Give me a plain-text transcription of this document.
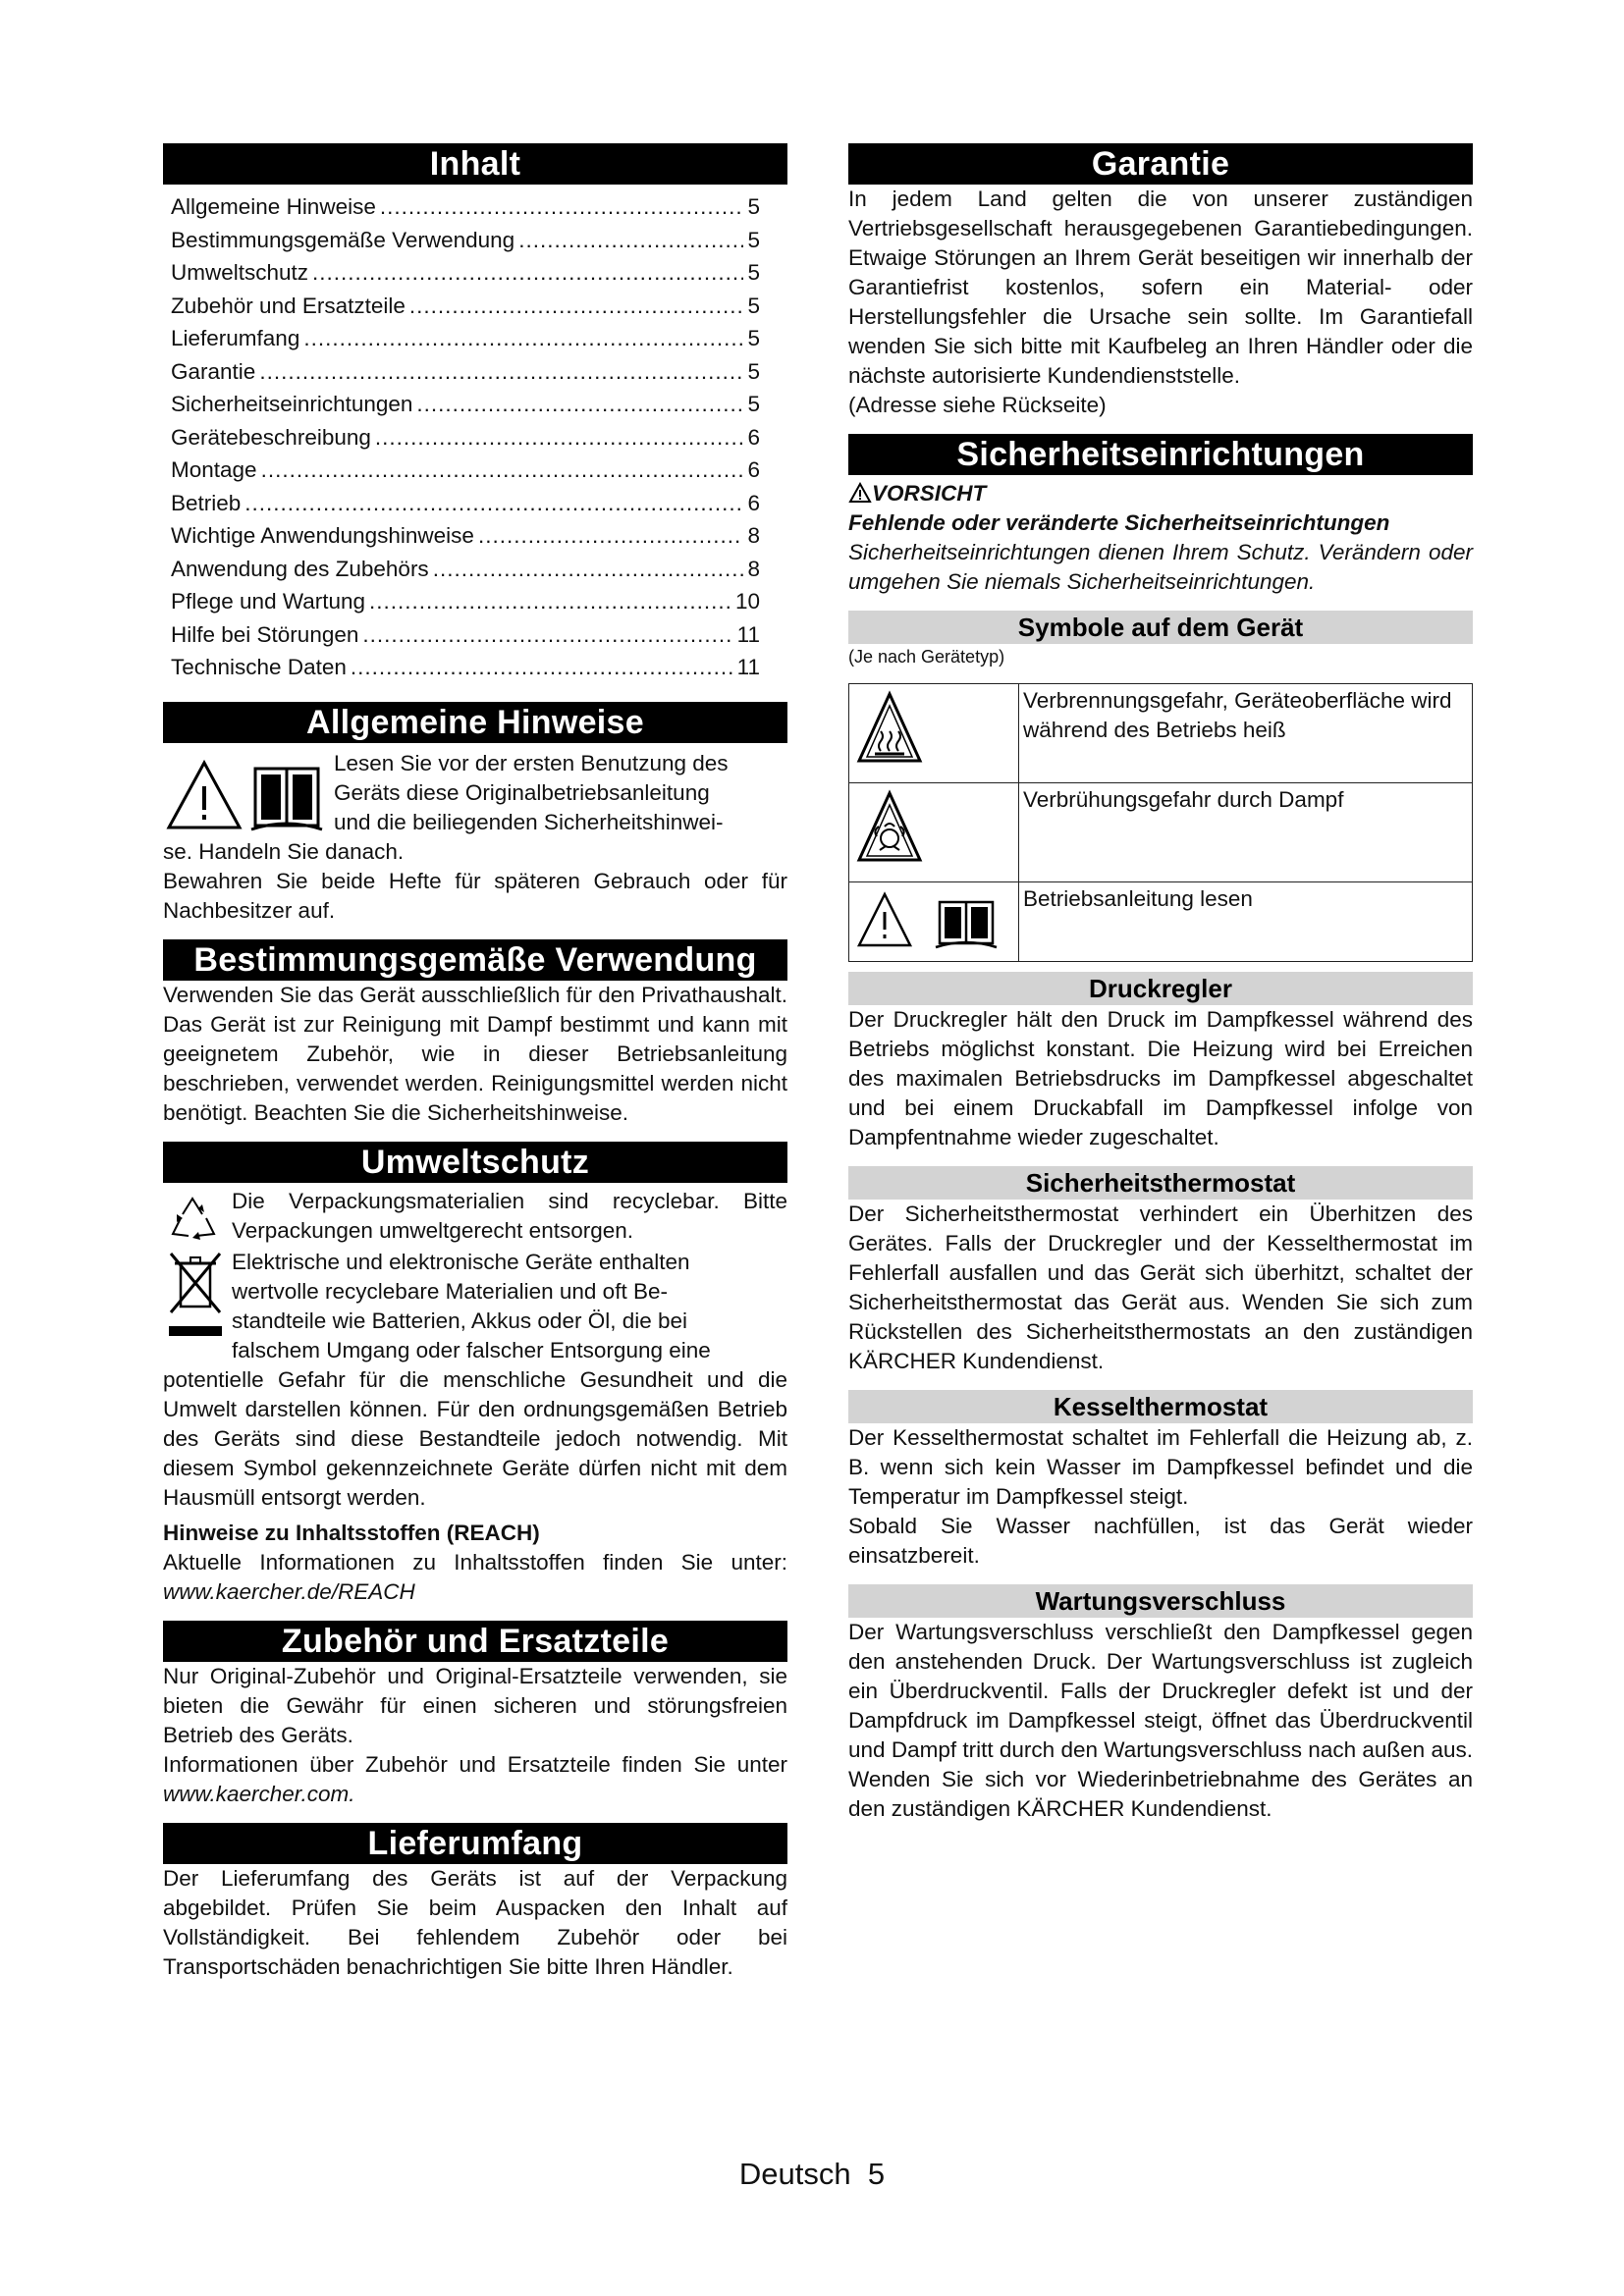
Inhalt
Allgemeine Hinweise .....	5
Bestimmungsgemäße Verwendung .....	5
Umweltschutz .....	5
Zubehör und Ersatzteile .....	5
Lieferumfang .....	5
Garantie .....	5
Sicherheitseinrichtungen .....	5
Gerätebeschreibung .....	6
Montage .....	6
Betrieb .....	6
Wichtige Anwendungshinweise .....	8
Anwendung des Zubehörs .....	8
Pflege und Wartung .....	10
Hilfe bei Störungen .....	11
Technische Daten .....	11
Allgemeine Hinweise

Lesen Sie vor der ersten Benutzung des

Geräts diese Originalbetriebsanleitung

und die beiliegenden Sicherheitshinwei-

se. Handeln Sie danach.

Bewahren Sie beide Hefte für späteren Gebrauch oder für Nachbesitzer auf.

Bestimmungsgemäße Verwendung

Verwenden Sie das Gerät ausschließlich für den Privathaushalt. Das Gerät ist zur Reinigung mit Dampf bestimmt und kann mit geeignetem Zubehör, wie in dieser Betriebsanleitung beschrieben, verwendet werden. Reinigungsmittel werden nicht benötigt. Beachten Sie die Sicherheitshinweise.

Umweltschutz

Die Verpackungsmaterialien sind recyclebar. Bitte Verpackungen umweltgerecht entsorgen.

Elektrische und elektronische Geräte enthalten

wertvolle recyclebare Materialien und oft Be-

standteile wie Batterien, Akkus oder Öl, die bei

falschem Umgang oder falscher Entsorgung eine

potentielle Gefahr für die menschliche Gesundheit und die Umwelt darstellen können. Für den ordnungsgemäßen Betrieb des Geräts sind diese Bestandteile jedoch notwendig. Mit diesem Symbol gekennzeichnete Geräte dürfen nicht mit dem Hausmüll entsorgt werden.

Hinweise zu Inhaltsstoffen (REACH)

Aktuelle Informationen zu Inhaltsstoffen finden Sie unter: www.kaercher.de/REACH

Zubehör und Ersatzteile

Nur Original-Zubehör und Original-Ersatzteile verwenden, sie bieten die Gewähr für einen sicheren und störungsfreien Betrieb des Geräts.

Informationen über Zubehör und Ersatzteile finden Sie unter www.kaercher.com.

Lieferumfang

Der Lieferumfang des Geräts ist auf der Verpackung abgebildet. Prüfen Sie beim Auspacken den Inhalt auf Vollständigkeit. Bei fehlendem Zubehör oder bei Transportschäden benachrichtigen Sie bitte Ihren Händler.

Garantie

In jedem Land gelten die von unserer zuständigen Vertriebsgesellschaft herausgegebenen Garantiebedingungen. Etwaige Störungen an Ihrem Gerät beseitigen wir innerhalb der Garantiefrist kostenlos, sofern ein Material- oder Herstellungsfehler die Ursache sein sollte. Im Garantiefall wenden Sie sich bitte mit Kaufbeleg an Ihren Händler oder die nächste autorisierte Kundendienststelle.

(Adresse siehe Rückseite)

Sicherheitseinrichtungen

VORSICHT

Fehlende oder veränderte Sicherheitseinrichtungen

Sicherheitseinrichtungen dienen Ihrem Schutz. Verändern oder umgehen Sie niemals Sicherheitseinrichtungen.

Symbole auf dem Gerät

(Je nach Gerätetyp)

	Verbrennungsgefahr, Geräteoberfläche wird während des Betriebs heiß
	Verbrühungsgefahr durch Dampf
	Betriebsanleitung lesen
Druckregler

Der Druckregler hält den Druck im Dampfkessel während des Betriebs möglichst konstant. Die Heizung wird bei Erreichen des maximalen Betriebsdrucks im Dampfkessel abgeschaltet und bei einem Druckabfall im Dampfkessel infolge von Dampfentnahme wieder zugeschaltet.

Sicherheitsthermostat

Der Sicherheitsthermostat verhindert ein Überhitzen des Gerätes. Falls der Druckregler und der Kesselthermostat im Fehlerfall ausfallen und das Gerät sich überhitzt, schaltet der Sicherheitsthermostat das Gerät aus. Wenden Sie sich zum Rückstellen des Sicherheitsthermostats an den zuständigen KÄRCHER Kundendienst.

Kesselthermostat

Der Kesselthermostat schaltet im Fehlerfall die Heizung ab, z. B. wenn sich kein Wasser im Dampfkessel befindet und die Temperatur im Dampfkessel steigt.

Sobald Sie Wasser nachfüllen, ist das Gerät wieder einsatzbereit.

Wartungsverschluss

Der Wartungsverschluss verschließt den Dampfkessel gegen den anstehenden Druck. Der Wartungsverschluss ist zugleich ein Überdruckventil. Falls der Druckregler defekt ist und der Dampfdruck im Dampfkessel steigt, öffnet das Überdruckventil und Dampf tritt durch den Wartungsverschluss nach außen aus. Wenden Sie sich vor Wiederinbetriebnahme des Gerätes an den zuständigen KÄRCHER Kundendienst.

Deutsch 5
